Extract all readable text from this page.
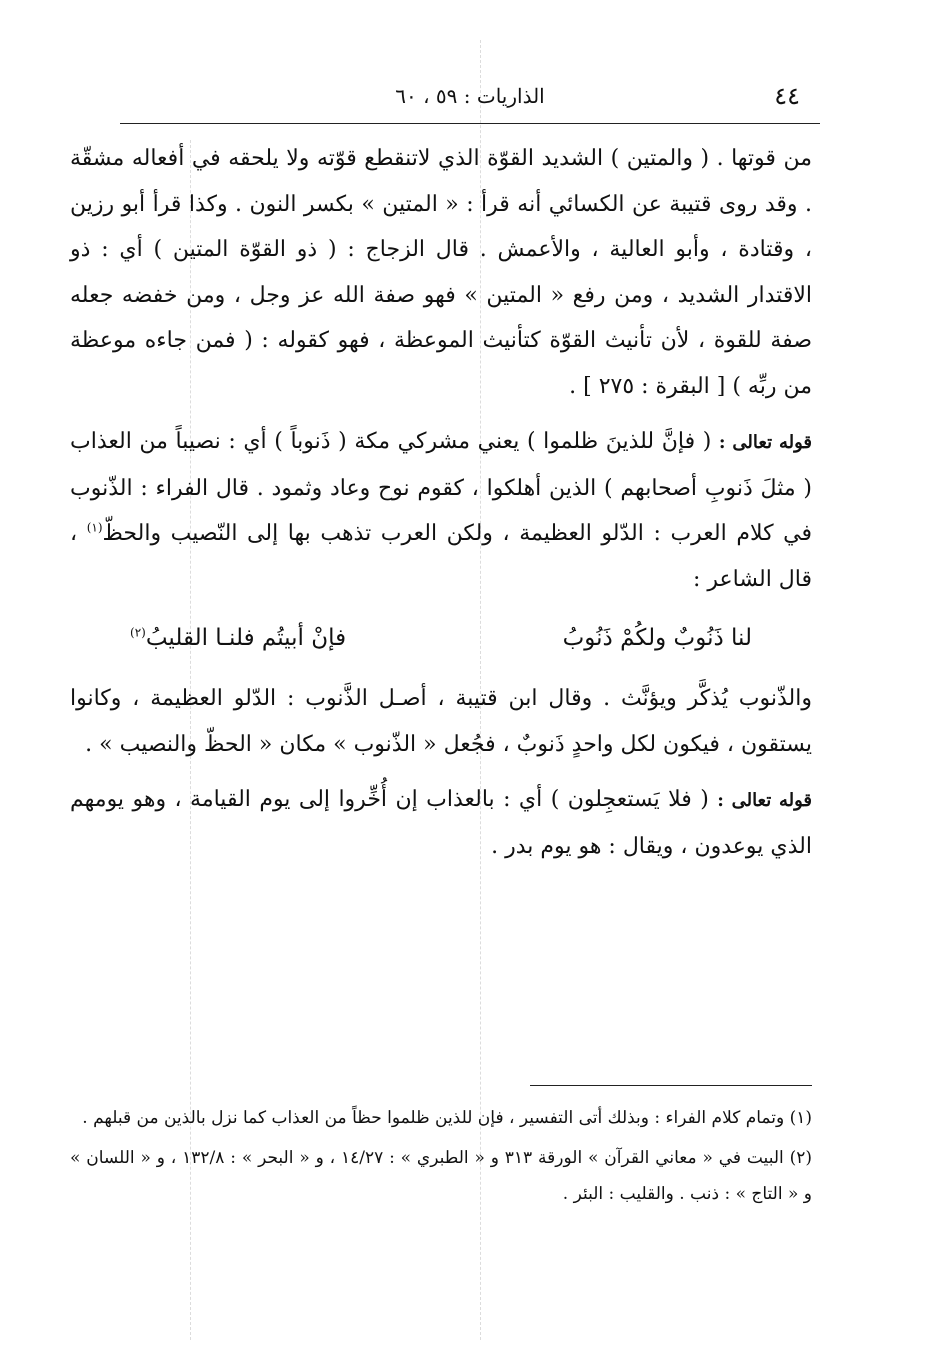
٤٤
الذاريات : ٥٩ ، ٦٠

من قوتها . ( والمتين ) الشديد القوّة الذي لاتنقطع قوّته ولا يلحقه في أفعاله مشقّة . وقد روى قتيبة عن الكسائي أنه قرأ : « المتين » بكسر النون . وكذا قرأ أبو رزين ، وقتادة ، وأبو العالية ، والأعمش . قال الزجاج : ( ذو القوّة المتين ) أي : ذو الاقتدار الشديد ، ومن رفع « المتين » فهو صفة الله عز وجل ، ومن خفضه جعله صفة للقوة ، لأن تأنيث القوّة كتأنيث الموعظة ، فهو كقوله : ( فمن جاءه موعظة من ربِّه ) [ البقرة : ٢٧٥ ] .

قوله تعالى : ( فإنَّ للذينَ ظلموا ) يعني مشركي مكة ( ذَنوباً ) أي : نصيباً من العذاب ( مثلَ ذَنوبِ أصحابهم ) الذين أهلكوا ، كقوم نوح وعاد وثمود . قال الفراء : الذّنوب في كلام العرب : الدّلو العظيمة ، ولكن العرب تذهب بها إلى النّصيب والحظّ$^{(١)}$ ، قال الشاعر :

لنا ذَنُوبٌ ولكُمْ ذَنُوبُ
فإنْ أبيتُم فلنـا القليبُ$^{(٢)}$

والذّنوب يُذكَّر ويؤنَّث . وقال ابن قتيبة ، أصـل الذَّنوب : الدّلو العظيمة ، وكانوا يستقون ، فيكون لكل واحدٍ ذَنوبٌ ، فجُعل « الذّنوب » مكان « الحظّ والنصيب » .

قوله تعالى : ( فلا يَستعجِلون ) أي : بالعذاب إن أُخِّروا إلى يوم القيامة ، وهو يومهم الذي يوعدون ، ويقال : هو يوم بدر .

(١) وتمام كلام الفراء : وبذلك أتى التفسير ، فإن للذين ظلموا حظاً من العذاب كما نزل بالذين من قبلهم .

(٢) البيت في « معاني القرآن » الورقة ٣١٣ و « الطبري » : ١٤/٢٧ ، و « البحر » : ١٣٢/٨ ، و « اللسان » و « التاج » : ذنب . والقليب : البئر .
